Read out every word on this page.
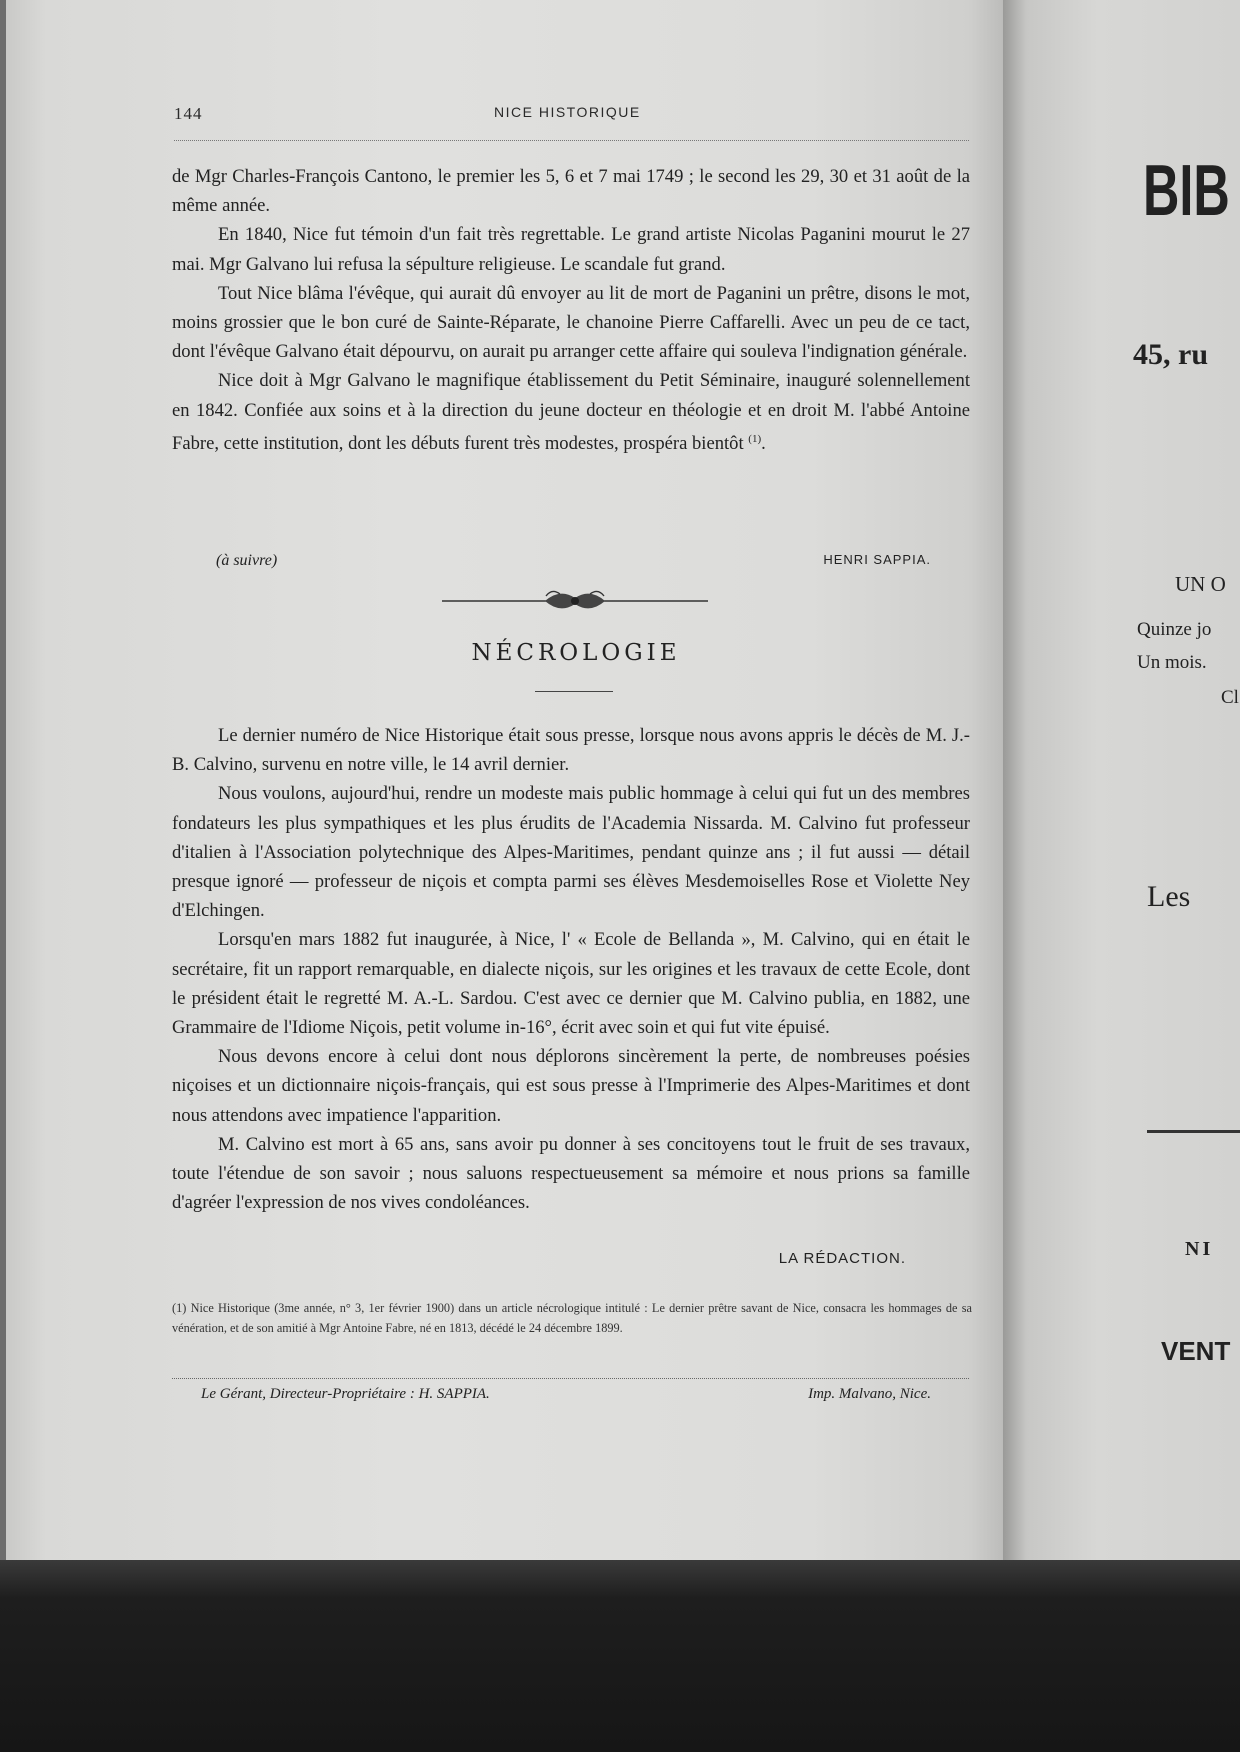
144	NICE HISTORIQUE

de Mgr Charles-François Cantono, le premier les 5, 6 et 7 mai 1749 ; le second les 29, 30 et 31 août de la même année.

En 1840, Nice fut témoin d'un fait très regrettable. Le grand artiste Nicolas Paganini mourut le 27 mai. Mgr Galvano lui refusa la sépulture religieuse. Le scandale fut grand.

Tout Nice blâma l'évêque, qui aurait dû envoyer au lit de mort de Paganini un prêtre, disons le mot, moins grossier que le bon curé de Sainte-Réparate, le chanoine Pierre Caffarelli. Avec un peu de ce tact, dont l'évêque Galvano était dépourvu, on aurait pu arranger cette affaire qui souleva l'indignation générale.

Nice doit à Mgr Galvano le magnifique établissement du Petit Séminaire, inauguré solennellement en 1842. Confiée aux soins et à la direction du jeune docteur en théologie et en droit M. l'abbé Antoine Fabre, cette institution, dont les débuts furent très modestes, prospéra bientôt $^{(1)}$.

(à suivre)	HENRI SAPPIA.
NÉCROLOGIE

Le dernier numéro de Nice Historique était sous presse, lorsque nous avons appris le décès de M. J.-B. Calvino, survenu en notre ville, le 14 avril dernier.

Nous voulons, aujourd'hui, rendre un modeste mais public hommage à celui qui fut un des membres fondateurs les plus sympathiques et les plus érudits de l'Academia Nissarda. M. Calvino fut professeur d'italien à l'Association polytechnique des Alpes-Maritimes, pendant quinze ans ; il fut aussi — détail presque ignoré — professeur de niçois et compta parmi ses élèves Mesdemoiselles Rose et Violette Ney d'Elchingen.

Lorsqu'en mars 1882 fut inaugurée, à Nice, l' « Ecole de Bellanda », M. Calvino, qui en était le secrétaire, fit un rapport remarquable, en dialecte niçois, sur les origines et les travaux de cette Ecole, dont le président était le regretté M. A.-L. Sardou. C'est avec ce dernier que M. Calvino publia, en 1882, une Grammaire de l'Idiome Niçois, petit volume in-16°, écrit avec soin et qui fut vite épuisé.

Nous devons encore à celui dont nous déplorons sincèrement la perte, de nombreuses poésies niçoises et un dictionnaire niçois-français, qui est sous presse à l'Imprimerie des Alpes-Maritimes et dont nous attendons avec impatience l'apparition.

M. Calvino est mort à 65 ans, sans avoir pu donner à ses concitoyens tout le fruit de ses travaux, toute l'étendue de son savoir ; nous saluons respectueusement sa mémoire et nous prions sa famille d'agréer l'expression de nos vives condoléances.

LA RÉDACTION.
(1) Nice Historique (3me année, n° 3, 1er février 1900) dans un article nécrologique intitulé : Le dernier prêtre savant de Nice, consacra les hommages de sa vénération, et de son amitié à Mgr Antoine Fabre, né en 1813, décédé le 24 décembre 1899.
Le Gérant, Directeur-Propriétaire : H. SAPPIA.	Imp. Malvano, Nice.
BIB
45, ru
UN O
Quinze jo
Un mois.
Cl
Les
NI
VENT
